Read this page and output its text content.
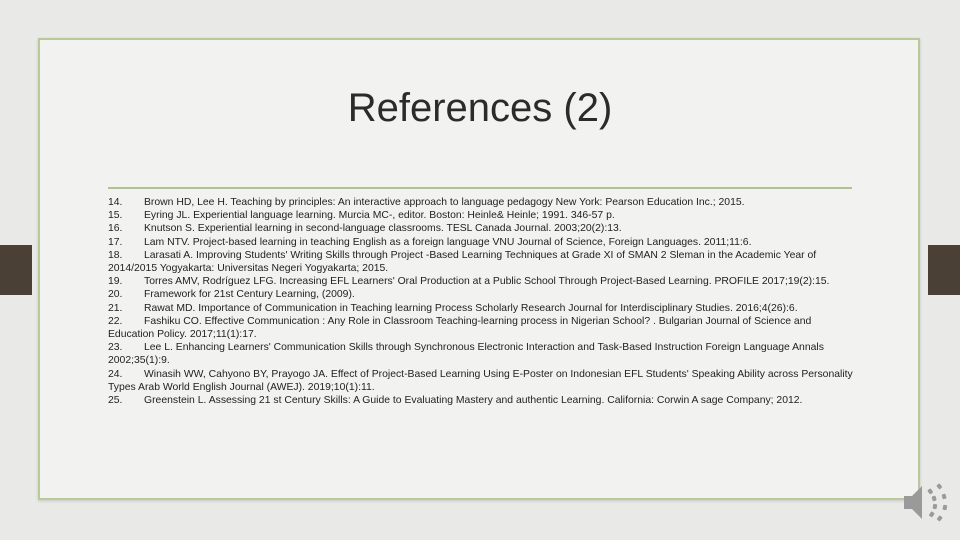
References (2)
14. Brown HD, Lee H. Teaching by principles: An interactive approach to language pedagogy New York: Pearson Education Inc.; 2015.
15. Eyring JL. Experiential language learning. Murcia MC-, editor. Boston: Heinle& Heinle; 1991. 346-57 p.
16. Knutson S. Experiential learning in second-language classrooms. TESL Canada Journal. 2003;20(2):13.
17. Lam NTV. Project-based learning in teaching English as a foreign language VNU Journal of Science, Foreign Languages. 2011;11:6.
18. Larasati A. Improving Students' Writing Skills through Project -Based Learning Techniques at Grade XI of SMAN 2 Sleman in the Academic Year of 2014/2015 Yogyakarta: Universitas Negeri Yogyakarta; 2015.
19. Torres AMV, Rodríguez LFG. Increasing EFL Learners' Oral Production at a Public School Through Project-Based Learning. PROFILE 2017;19(2):15.
20. Framework for 21st Century Learning, (2009).
21. Rawat MD. Importance of Communication in Teaching learning Process Scholarly Research Journal for Interdisciplinary Studies. 2016;4(26):6.
22. Fashiku CO. Effective Communication : Any Role in Classroom Teaching-learning process in Nigerian School? . Bulgarian Journal of Science and Education Policy. 2017;11(1):17.
23. Lee L. Enhancing Learners' Communication Skills through Synchronous Electronic Interaction and Task-Based Instruction Foreign Language Annals 2002;35(1):9.
24. Winasih WW, Cahyono BY, Prayogo JA. Effect of Project-Based Learning Using E-Poster on Indonesian EFL Students' Speaking Ability across Personality Types Arab World English Journal (AWEJ). 2019;10(1):11.
25. Greenstein L. Assessing 21 st Century Skills: A Guide to Evaluating Mastery and authentic Learning. California: Corwin A sage Company; 2012.
